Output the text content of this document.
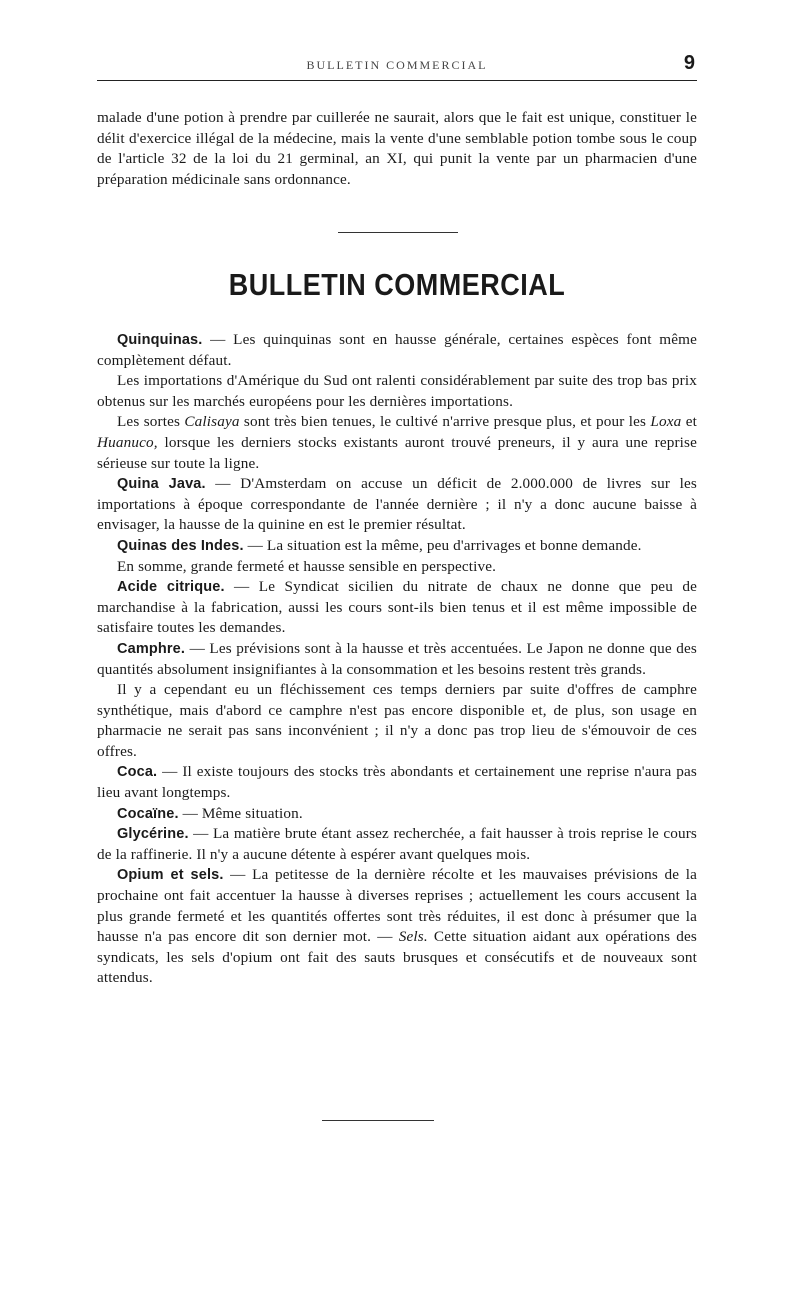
BULLETIN COMMERCIAL	9

malade d'une potion à prendre par cuillerée ne saurait, alors que le fait est unique, constituer le délit d'exercice illégal de la médecine, mais la vente d'une semblable potion tombe sous le coup de l'article 32 de la loi du 21 germinal, an XI, qui punit la vente par un pharmacien d'une préparation médicinale sans ordonnance.

BULLETIN COMMERCIAL

Quinquinas. — Les quinquinas sont en hausse générale, certaines espèces font même complètement défaut.

Les importations d'Amérique du Sud ont ralenti considérablement par suite des trop bas prix obtenus sur les marchés européens pour les dernières importations.

Les sortes Calisaya sont très bien tenues, le cultivé n'arrive presque plus, et pour les Loxa et Huanuco, lorsque les derniers stocks existants auront trouvé preneurs, il y aura une reprise sérieuse sur toute la ligne.

Quina Java. — D'Amsterdam on accuse un déficit de 2.000.000 de livres sur les importations à époque correspondante de l'année dernière ; il n'y a donc aucune baisse à envisager, la hausse de la quinine en est le premier résultat.

Quinas des Indes. — La situation est la même, peu d'arrivages et bonne demande.

En somme, grande fermeté et hausse sensible en perspective.

Acide citrique. — Le Syndicat sicilien du nitrate de chaux ne donne que peu de marchandise à la fabrication, aussi les cours sont-ils bien tenus et il est même impossible de satisfaire toutes les demandes.

Camphre. — Les prévisions sont à la hausse et très accentuées. Le Japon ne donne que des quantités absolument insignifiantes à la consommation et les besoins restent très grands.

Il y a cependant eu un fléchissement ces temps derniers par suite d'offres de camphre synthétique, mais d'abord ce camphre n'est pas encore disponible et, de plus, son usage en pharmacie ne serait pas sans inconvénient ; il n'y a donc pas trop lieu de s'émouvoir de ces offres.

Coca. — Il existe toujours des stocks très abondants et certainement une reprise n'aura pas lieu avant longtemps.

Cocaïne. — Même situation.

Glycérine. — La matière brute étant assez recherchée, a fait hausser à trois reprise le cours de la raffinerie. Il n'y a aucune détente à espérer avant quelques mois.

Opium et sels. — La petitesse de la dernière récolte et les mauvaises prévisions de la prochaine ont fait accentuer la hausse à diverses reprises ; actuellement les cours accusent la plus grande fermeté et les quantités offertes sont très réduites, il est donc à présumer que la hausse n'a pas encore dit son dernier mot. — Sels. Cette situation aidant aux opérations des syndicats, les sels d'opium ont fait des sauts brusques et consécutifs et de nouveaux sont attendus.
